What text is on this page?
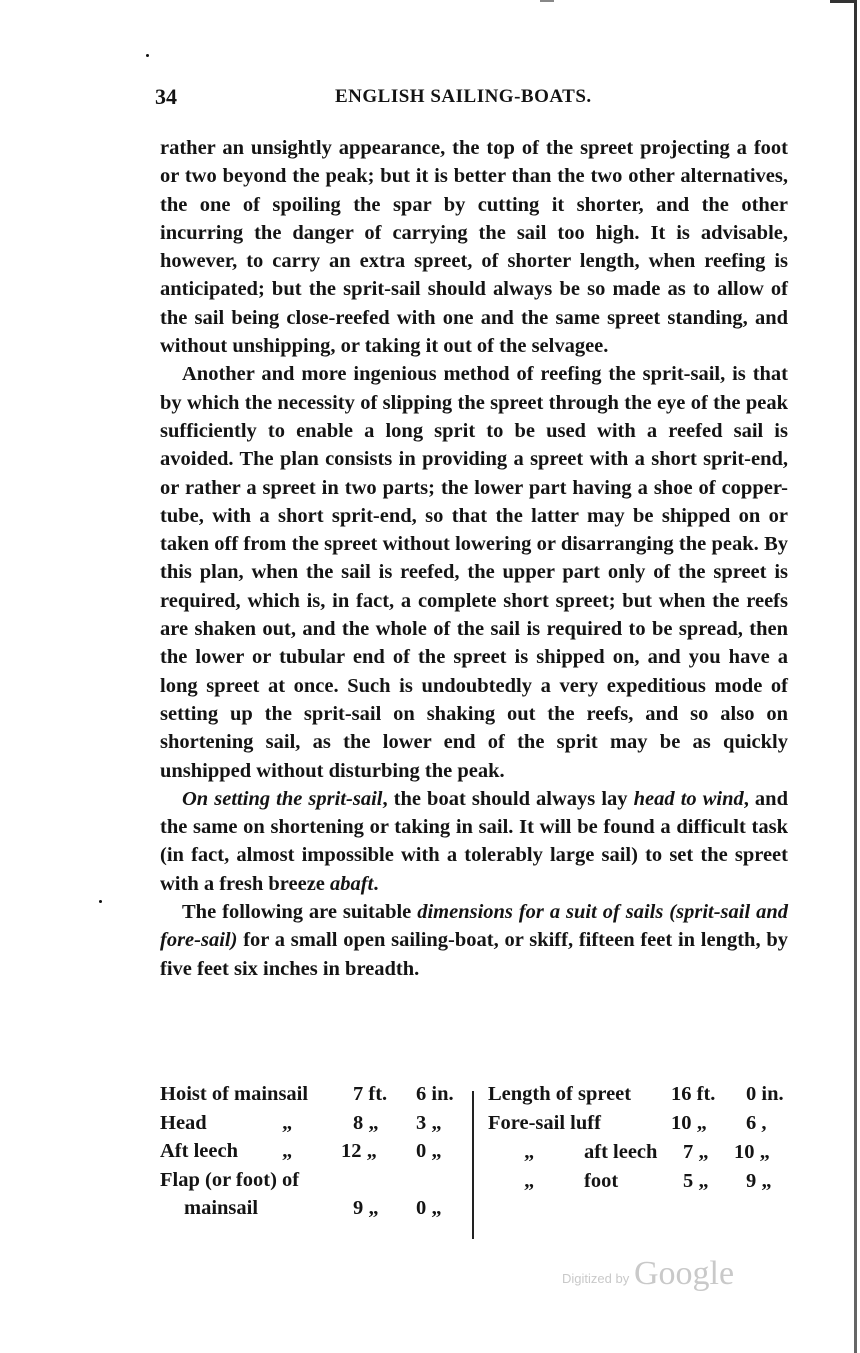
34	ENGLISH SAILING-BOATS.

rather an unsightly appearance, the top of the spreet projecting a foot or two beyond the peak; but it is better than the two other alternatives, the one of spoiling the spar by cutting it shorter, and the other incurring the danger of carrying the sail too high. It is advisable, however, to carry an extra spreet, of shorter length, when reefing is anticipated; but the sprit-sail should always be so made as to allow of the sail being close-reefed with one and the same spreet standing, and without unshipping, or taking it out of the selvagee.

Another and more ingenious method of reefing the sprit-sail, is that by which the necessity of slipping the spreet through the eye of the peak sufficiently to enable a long sprit to be used with a reefed sail is avoided. The plan consists in providing a spreet with a short sprit-end, or rather a spreet in two parts; the lower part having a shoe of copper-tube, with a short sprit-end, so that the latter may be shipped on or taken off from the spreet without lowering or disarranging the peak. By this plan, when the sail is reefed, the upper part only of the spreet is required, which is, in fact, a complete short spreet; but when the reefs are shaken out, and the whole of the sail is required to be spread, then the lower or tubular end of the spreet is shipped on, and you have a long spreet at once. Such is undoubtedly a very expeditious mode of setting up the sprit-sail on shaking out the reefs, and so also on shortening sail, as the lower end of the sprit may be as quickly unshipped without disturbing the peak.

On setting the sprit-sail, the boat should always lay head to wind, and the same on shortening or taking in sail. It will be found a difficult task (in fact, almost impossible with a tolerably large sail) to set the spreet with a fresh breeze abaft.

The following are suitable dimensions for a suit of sails (sprit-sail and fore-sail) for a small open sailing-boat, or skiff, fifteen feet in length, by five feet six inches in breadth.

Hoist of mainsail 7 ft. 6 in.
Head	„	8 „ 3 „
Aft leech „ 12 „ 0 „
Flap (or foot) of
mainsail	9 „ 0 „
Length of spreet 16 ft. 0 in.
Fore-sail luff	10 „ 6 ,
„ aft leech 7 „ 10 „
„ foot	5 „ 9 „
Digitized by Google
